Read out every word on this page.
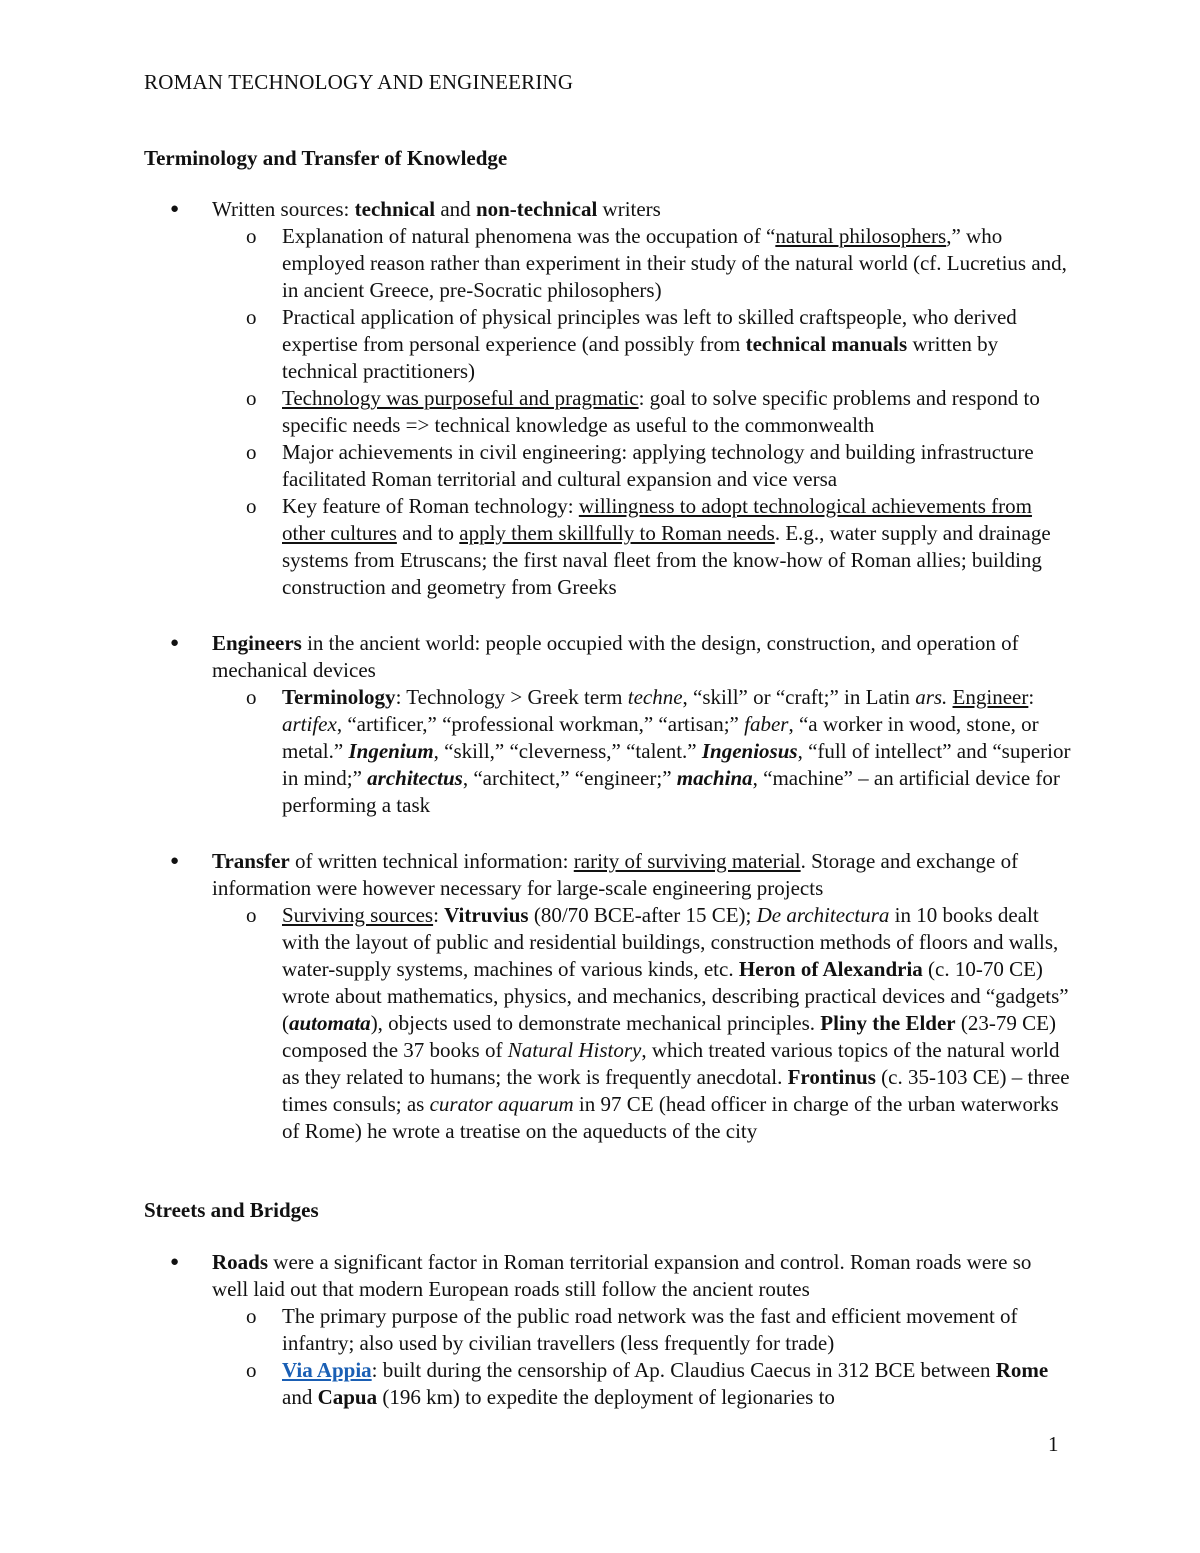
ROMAN TECHNOLOGY AND ENGINEERING
Terminology and Transfer of Knowledge
● Written sources: technical and non-technical writers
o Explanation of natural phenomena was the occupation of “natural philosophers,” who employed reason rather than experiment in their study of the natural world (cf. Lucretius and, in ancient Greece, pre-Socratic philosophers)
o Practical application of physical principles was left to skilled craftspeople, who derived expertise from personal experience (and possibly from technical manuals written by technical practitioners)
o Technology was purposeful and pragmatic: goal to solve specific problems and respond to specific needs => technical knowledge as useful to the commonwealth
o Major achievements in civil engineering: applying technology and building infrastructure facilitated Roman territorial and cultural expansion and vice versa
o Key feature of Roman technology: willingness to adopt technological achievements from other cultures and to apply them skillfully to Roman needs. E.g., water supply and drainage systems from Etruscans; the first naval fleet from the know-how of Roman allies; building construction and geometry from Greeks
● Engineers in the ancient world: people occupied with the design, construction, and operation of mechanical devices
o Terminology: Technology > Greek term techne, “skill” or “craft;” in Latin ars. Engineer: artifex, “artificer,” “professional workman,” “artisan;” faber, “a worker in wood, stone, or metal.” Ingenium, “skill,” “cleverness,” “talent.” Ingeniosus, “full of intellect” and “superior in mind;” architectus, “architect,” “engineer;” machina, “machine” – an artificial device for performing a task
● Transfer of written technical information: rarity of surviving material. Storage and exchange of information were however necessary for large-scale engineering projects
o Surviving sources: Vitruvius (80/70 BCE-after 15 CE); De architectura in 10 books dealt with the layout of public and residential buildings, construction methods of floors and walls, water-supply systems, machines of various kinds, etc. Heron of Alexandria (c. 10-70 CE) wrote about mathematics, physics, and mechanics, describing practical devices and “gadgets” (automata), objects used to demonstrate mechanical principles. Pliny the Elder (23-79 CE) composed the 37 books of Natural History, which treated various topics of the natural world as they related to humans; the work is frequently anecdotal. Frontinus (c. 35-103 CE) – three times consuls; as curator aquarum in 97 CE (head officer in charge of the urban waterworks of Rome) he wrote a treatise on the aqueducts of the city
Streets and Bridges
● Roads were a significant factor in Roman territorial expansion and control. Roman roads were so well laid out that modern European roads still follow the ancient routes
o The primary purpose of the public road network was the fast and efficient movement of infantry; also used by civilian travellers (less frequently for trade)
o Via Appia: built during the censorship of Ap. Claudius Caecus in 312 BCE between Rome and Capua (196 km) to expedite the deployment of legionaries to
1
